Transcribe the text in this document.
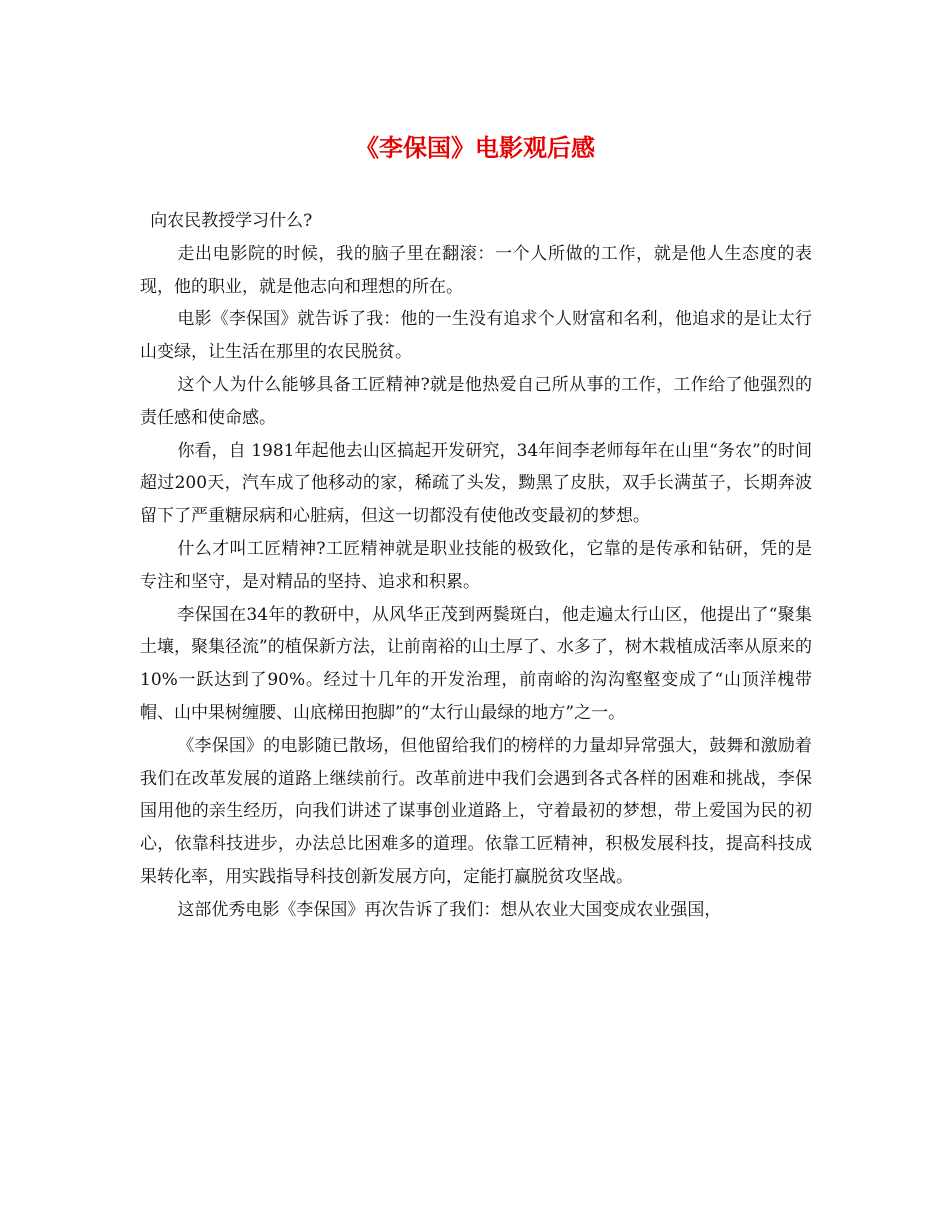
《李保国》电影观后感

向农民教授学习什么?

走出电影院的时候，我的脑子里在翻滚：一个人所做的工作，就是他人生态度的表现，他的职业，就是他志向和理想的所在。

电影《李保国》就告诉了我：他的一生没有追求个人财富和名利，他追求的是让太行山变绿，让生活在那里的农民脱贫。

这个人为什么能够具备工匠精神?就是他热爱自己所从事的工作，工作给了他强烈的责任感和使命感。

你看，自 1981年起他去山区搞起开发研究，34年间李老师每年在山里“务农”的时间超过200天，汽车成了他移动的家，稀疏了头发，黝黑了皮肤，双手长满茧子，长期奔波留下了严重糖尿病和心脏病，但这一切都没有使他改变最初的梦想。

什么才叫工匠精神?工匠精神就是职业技能的极致化，它靠的是传承和钻研，凭的是专注和坚守，是对精品的坚持、追求和积累。

李保国在34年的教研中，从风华正茂到两鬓斑白，他走遍太行山区，他提出了“聚集土壤，聚集径流”的植保新方法，让前南裕的山土厚了、水多了，树木栽植成活率从原来的10%一跃达到了90%。经过十几年的开发治理，前南峪的沟沟壑壑变成了“山顶洋槐带帽、山中果树缠腰、山底梯田抱脚”的“太行山最绿的地方”之一。

《李保国》的电影随已散场，但他留给我们的榜样的力量却异常强大，鼓舞和激励着我们在改革发展的道路上继续前行。改革前进中我们会遇到各式各样的困难和挑战，李保国用他的亲生经历，向我们讲述了谋事创业道路上，守着最初的梦想，带上爱国为民的初心，依靠科技进步，办法总比困难多的道理。依靠工匠精神，积极发展科技，提高科技成果转化率，用实践指导科技创新发展方向，定能打赢脱贫攻坚战。

这部优秀电影《李保国》再次告诉了我们：想从农业大国变成农业强国，
